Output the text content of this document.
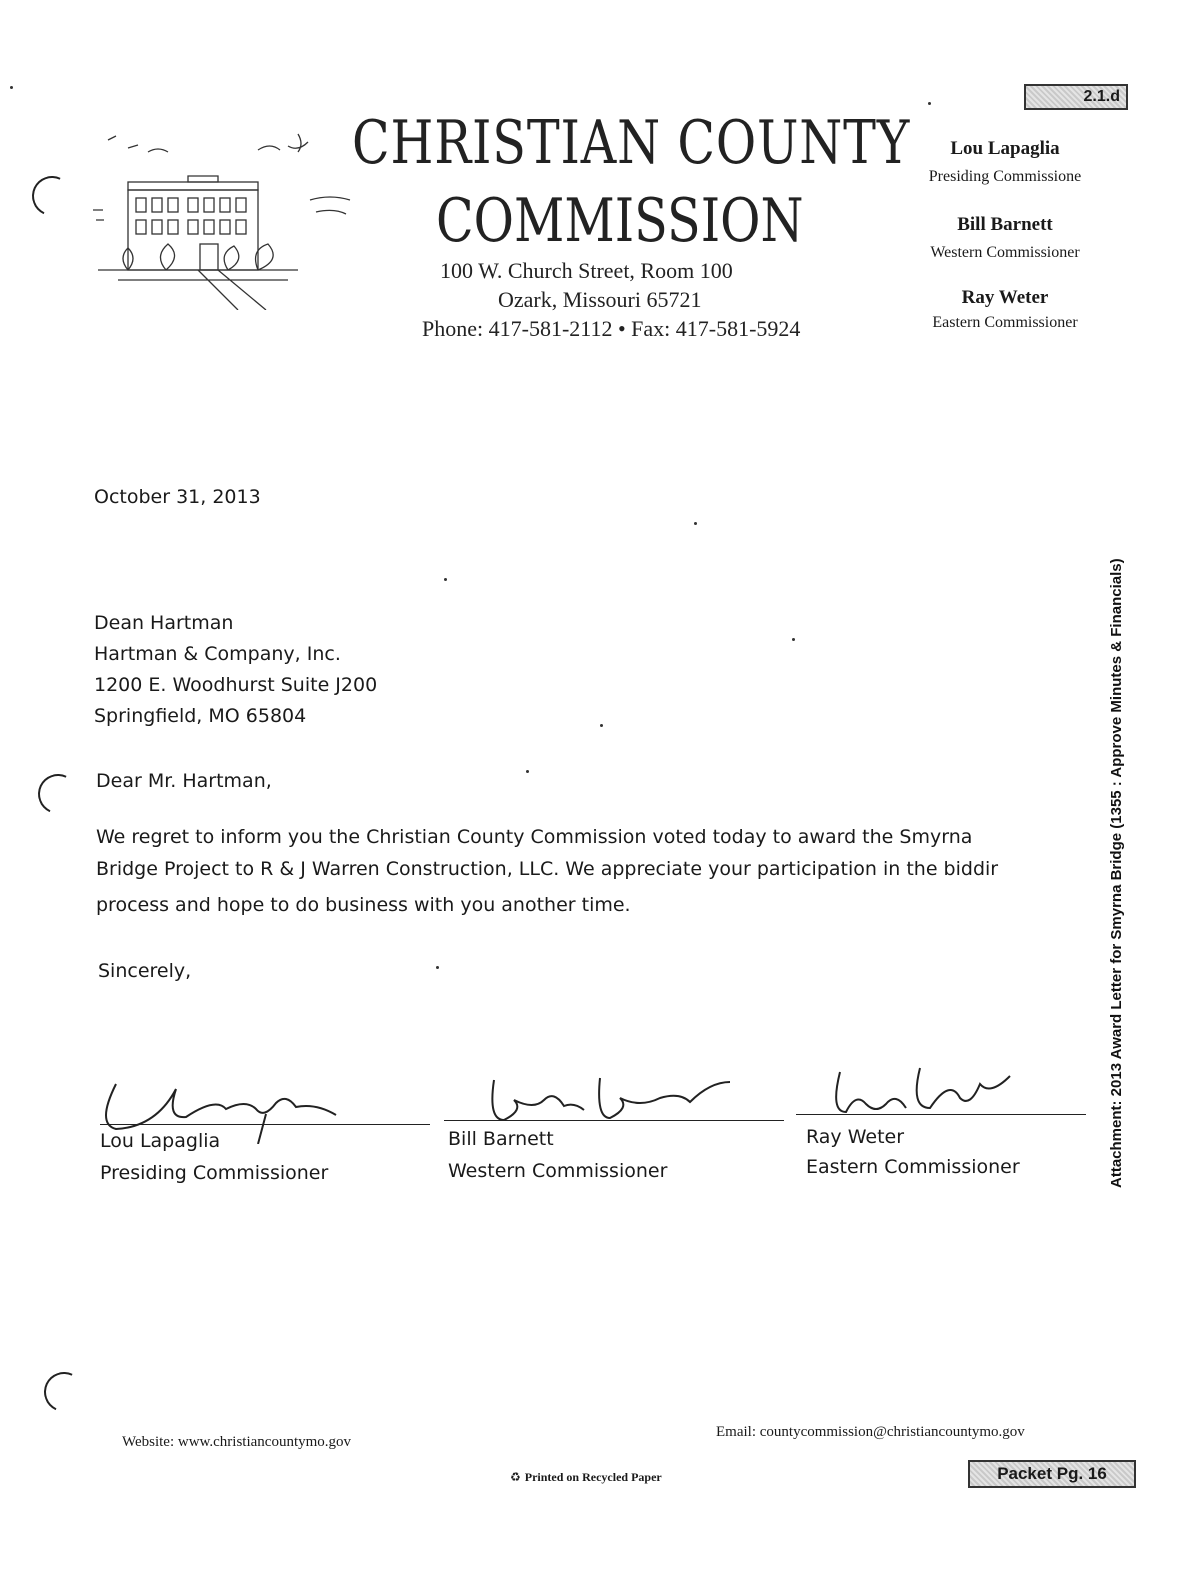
CHRISTIAN COUNTY
COMMISSION
100 W. Church Street, Room 100
Ozark, Missouri 65721
Phone: 417-581-2112 • Fax: 417-581-5924
2.1.d
Lou Lapaglia
Presiding Commissione
Bill Barnett
Western Commissioner
Ray Weter
Eastern Commissioner
Attachment: 2013 Award Letter for Smyrna Bridge (1355 : Approve Minutes & Financials)
October 31, 2013
Dean Hartman
Hartman & Company, Inc.
1200 E. Woodhurst Suite J200
Springfield, MO 65804
Dear Mr. Hartman,
We regret to inform you the Christian County Commission voted today to award the Smyrna
Bridge Project to R & J Warren Construction, LLC. We appreciate your participation in the biddir
process and hope to do business with you another time.
Sincerely,
Lou Lapaglia
Presiding Commissioner
Bill Barnett
Western Commissioner
Ray Weter
Eastern Commissioner
Website: www.christiancountymo.gov
Email: countycommission@christiancountymo.gov
♻ Printed on Recycled Paper	Packet Pg. 16
